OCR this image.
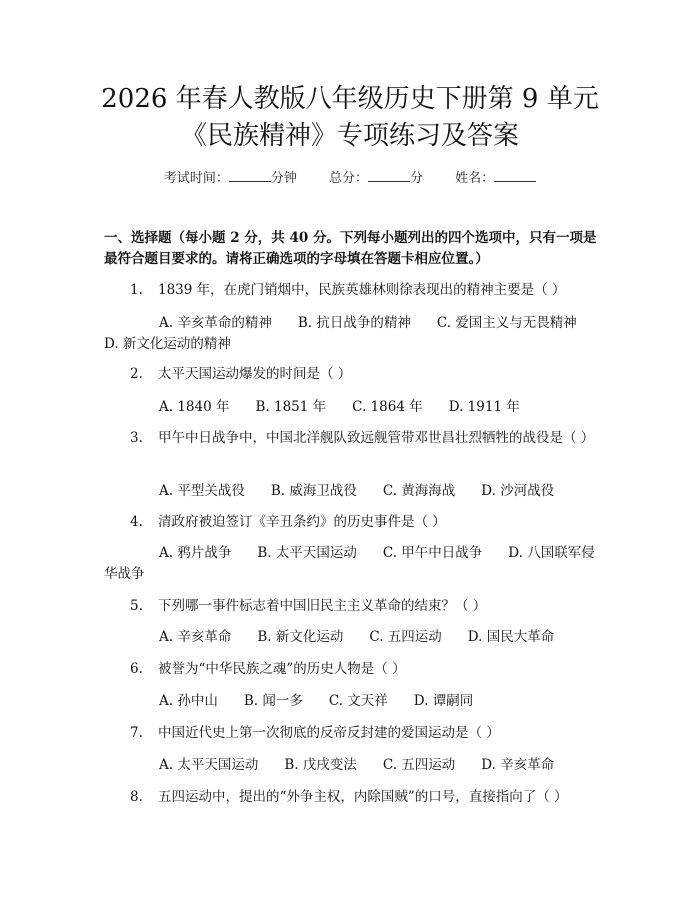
2026 年春人教版八年级历史下册第 9 单元
《民族精神》专项练习及答案
考试时间：	分钟 总分：	分 姓名：
一、选择题（每小题 2 分，共 40 分。下列每小题列出的四个选项中，只有一项是最符合题目要求的。请将正确选项的字母填在答题卡相应位置。）
1. 1839 年，在虎门销烟中，民族英雄林则徐表现出的精神主要是（ ）
A. 辛亥革命的精神 B. 抗日战争的精神 C. 爱国主义与无畏精神D. 新文化运动的精神
2. 太平天国运动爆发的时间是（ ）
A. 1840 年 B. 1851 年 C. 1864 年 D. 1911 年
3. 甲午中日战争中，中国北洋舰队致远舰管带邓世昌壮烈牺牲的战役是（ ）
A. 平型关战役 B. 威海卫战役 C. 黄海海战 D. 沙河战役
4. 清政府被迫签订《辛丑条约》的历史事件是（ ）
A. 鸦片战争 B. 太平天国运动 C. 甲午中日战争 D. 八国联军侵华战争
5. 下列哪一事件标志着中国旧民主主义革命的结束？（ ）
A. 辛亥革命 B. 新文化运动 C. 五四运动 D. 国民大革命
6. 被誉为“中华民族之魂”的历史人物是（ ）
A. 孙中山 B. 闻一多 C. 文天祥 D. 谭嗣同
7. 中国近代史上第一次彻底的反帝反封建的爱国运动是（ ）
A. 太平天国运动 B. 戊戌变法 C. 五四运动 D. 辛亥革命
8. 五四运动中，提出的“外争主权，内除国贼”的口号，直接指向了（ ）
